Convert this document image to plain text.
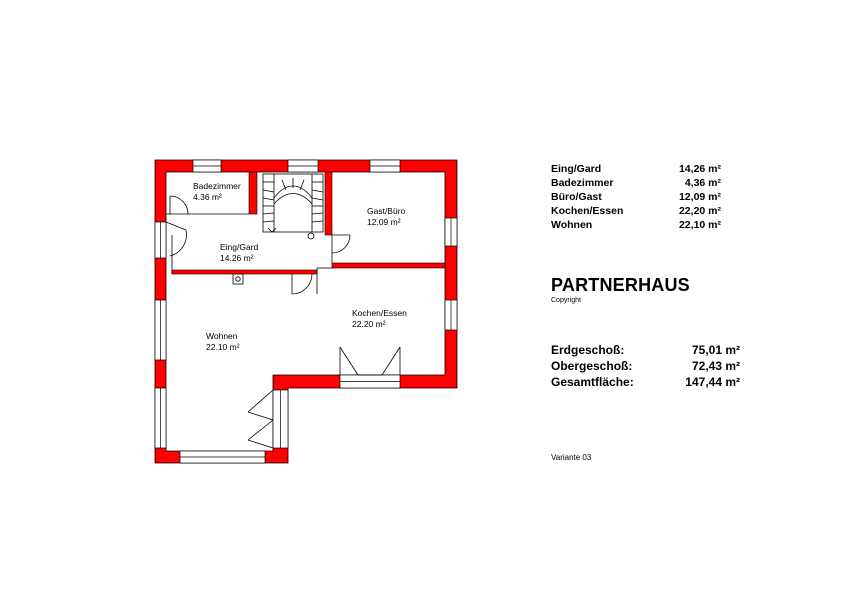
Badezimmer
4.36 m²
Eing/Gard
14.26 m²
Gast/Büro
12.09 m²
Kochen/Essen
22.20 m²
Wohnen
22.10 m²
Eing/Gard	14,26 m²
Badezimmer	4,36 m²
Büro/Gast	12,09 m²
Kochen/Essen	22,20 m²
Wohnen	22,10 m²
PARTNERHAUS
Copyright
Erdgeschoß:	75,01 m²
Obergeschoß:	72,43 m²
Gesamtfläche:	147,44 m²
Variante 03
